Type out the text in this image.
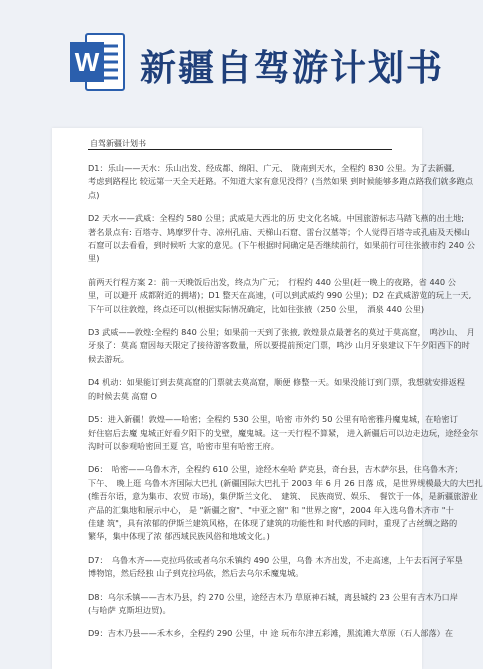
W 新疆自驾游计划书
自驾新疆计划书
D1：乐山——天水：乐山出发、经成都、绵阳、广元、　陇南到天水，全程约 830 公里。为了去新疆,
考虑到路程比 较远第一天全天赶路。不知道大家有意见没得？(当然如果 到时候能够多跑点路我们就多跑点
点)
D2 天水——武威：全程约 580 公里；武威是大西北的历 史文化名城。中国旅游标志马踏飞燕的出土地;
著名景点有: 百塔寺、鸠摩罗什寺、凉州孔庙、天梯山石窟、雷台汉墓等；个人觉得百塔寺或孔庙及天梯山
石窟可以去看看，到时候听 大家的意见。(下午根据时间确定是否继续前行，如果前行可往张掖市约 240 公
里)
前两天行程方案 2：前一天晚饭后出发，终点为广元；　行程约 440 公里(赶一晚上的夜路，省 440 公
里，可以避开 成都附近的拥堵)；D1 整天在高速，(可以到武威约 990 公里)；D2 在武威游览的玩上一天,
下午可以往敦煌，终点还可以(根据实际情况确定，比如往张掖（250 公里，　酒泉 440 公里)
D3 武威——敦煌:全程约 840 公里；如果前一天到了张掖, 敦煌景点最著名的莫过于莫高窟，　鸣沙山、　月
牙泉了：莫高 窟因每天限定了接待游客数量，所以要提前预定门票，鸣沙 山月牙泉建议下午夕阳西下的时
候去游玩。
D4 机动：如果能订到去莫高窟的门票就去莫高窟，顺便 修整一天。如果没能订到门票，我想就安排返程
的时候去莫 高窟 O
D5：进入新疆！敦煌——哈密；全程约 530 公里，哈密 市外约 50 公里有哈密雅丹魔鬼城，在哈密订
好住宿后去魔 鬼城正好看夕阳下的戈壁，魔鬼城。这一天行程不算紧， 进入新疆后可以边走边玩，途经金尔
沟时可以参观哈密回王夏 宫，哈密市里有哈密王府。
D6：　哈密——乌鲁木齐，全程约 610 公里，途经木垒哈 萨克县，奇台县，吉木萨尔县，住乌鲁木齐；
下午、　晚上逛 乌鲁木齐国际大巴扎 (新疆国际大巴扎于 2003 年 6 月 26 日落 成，是世界规模最大的大巴扎
(维吾尔语，意为集市、农贸 市场)，集伊斯兰文化、　建筑、　民族商贸、娱乐、　餐饮于一体，是新疆旅游业
产品的汇集地和展示中心， 是 "新疆之窗"、"中亚之窗" 和 "世界之窗"，2004 年入选乌鲁木齐市 "十
佳建 筑"，具有浓郁的伊斯兰建筑风格，在体现了建筑的功能性和 时代感的同时，重现了古丝绸之路的
繁华，集中体现了浓 郁西域民族风俗和地域文化。)
D7：　乌鲁木齐——克拉玛依或者乌尔禾镇约 490 公里，乌鲁 木齐出发，不走高速，上午去石河子军垦
博物馆，然后经独 山子到克拉玛依，然后去乌尔禾魔鬼城。
D8：乌尔禾镇——吉木乃县，约 270 公里，途经吉木乃 草原神石城，离县城约 23 公里有吉木乃口岸
(与哈萨 克斯坦边贸)。
D9：吉木乃县——禾木乡，全程约 290 公里，中 途 玩布尔津五彩滩，黑流滩大草原（石人部落）在
